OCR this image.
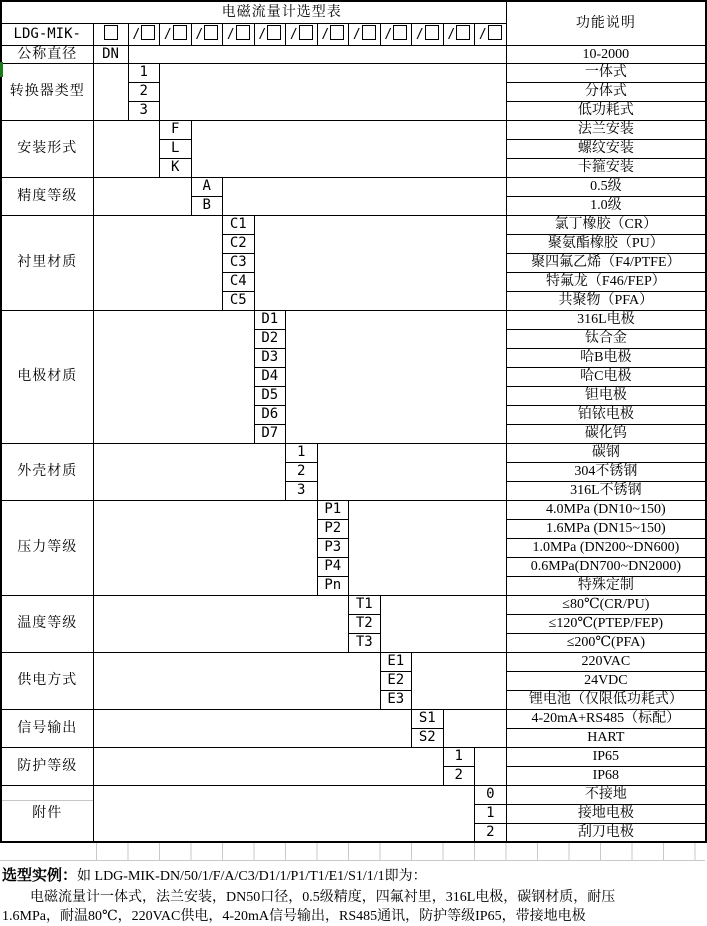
电磁流量计选型表														功能说明
LDG-MIK-		/	/	/	/	/	/	/	/	/	/	/	/	
公称直径	DN													10-2000
转换器类型		1												一体式
		2												分体式
		3												低功耗式
安装形式			F											法兰安装
			L											螺纹安装
			K											卡箍安装
精度等级				A										0.5级
				B										1.0级
衬里材质					C1									氯丁橡胶（CR）
					C2									聚氨酯橡胶（PU）
					C3									聚四氟乙烯（F4/PTFE）
					C4									特氟龙（F46/FEP）
					C5									共聚物（PFA）
电极材质						D1								316L电极
						D2								钛合金
						D3								哈B电极
						D4								哈C电极
						D5								钽电极
						D6								铂铱电极
						D7								碳化钨
外壳材质							1							碳钢
							2							304不锈钢
							3							316L不锈钢
压力等级								P1						4.0MPa (DN10~150)
								P2						1.6MPa (DN15~150)
								P3						1.0MPa (DN200~DN600)
								P4						0.6MPa(DN700~DN2000)
								Pn						特殊定制
温度等级									T1					≤80℃(CR/PU)
									T2					≤120℃(PTEP/FEP)
									T3					≤200℃(PFA)
供电方式										E1				220VAC
										E2				24VDC
										E3				锂电池（仅限低功耗式）
信号输出											S1			4-20mA+RS485（标配）
											S2			HART
防护等级												1		IP65
												2		IP68
附件													0	不接地
													1	接地电极
													2	刮刀电极
选型实例：如 LDG-MIK-DN/50/1/F/A/C3/D1/1/P1/T1/E1/S1/1/1即为：
电磁流量计一体式，法兰安装，DN50口径，0.5级精度，四氟衬里，316L电极，碳钢材质，耐压
1.6MPa，耐温80℃，220VAC供电，4-20mA信号输出，RS485通讯，防护等级IP65，带接地电极
